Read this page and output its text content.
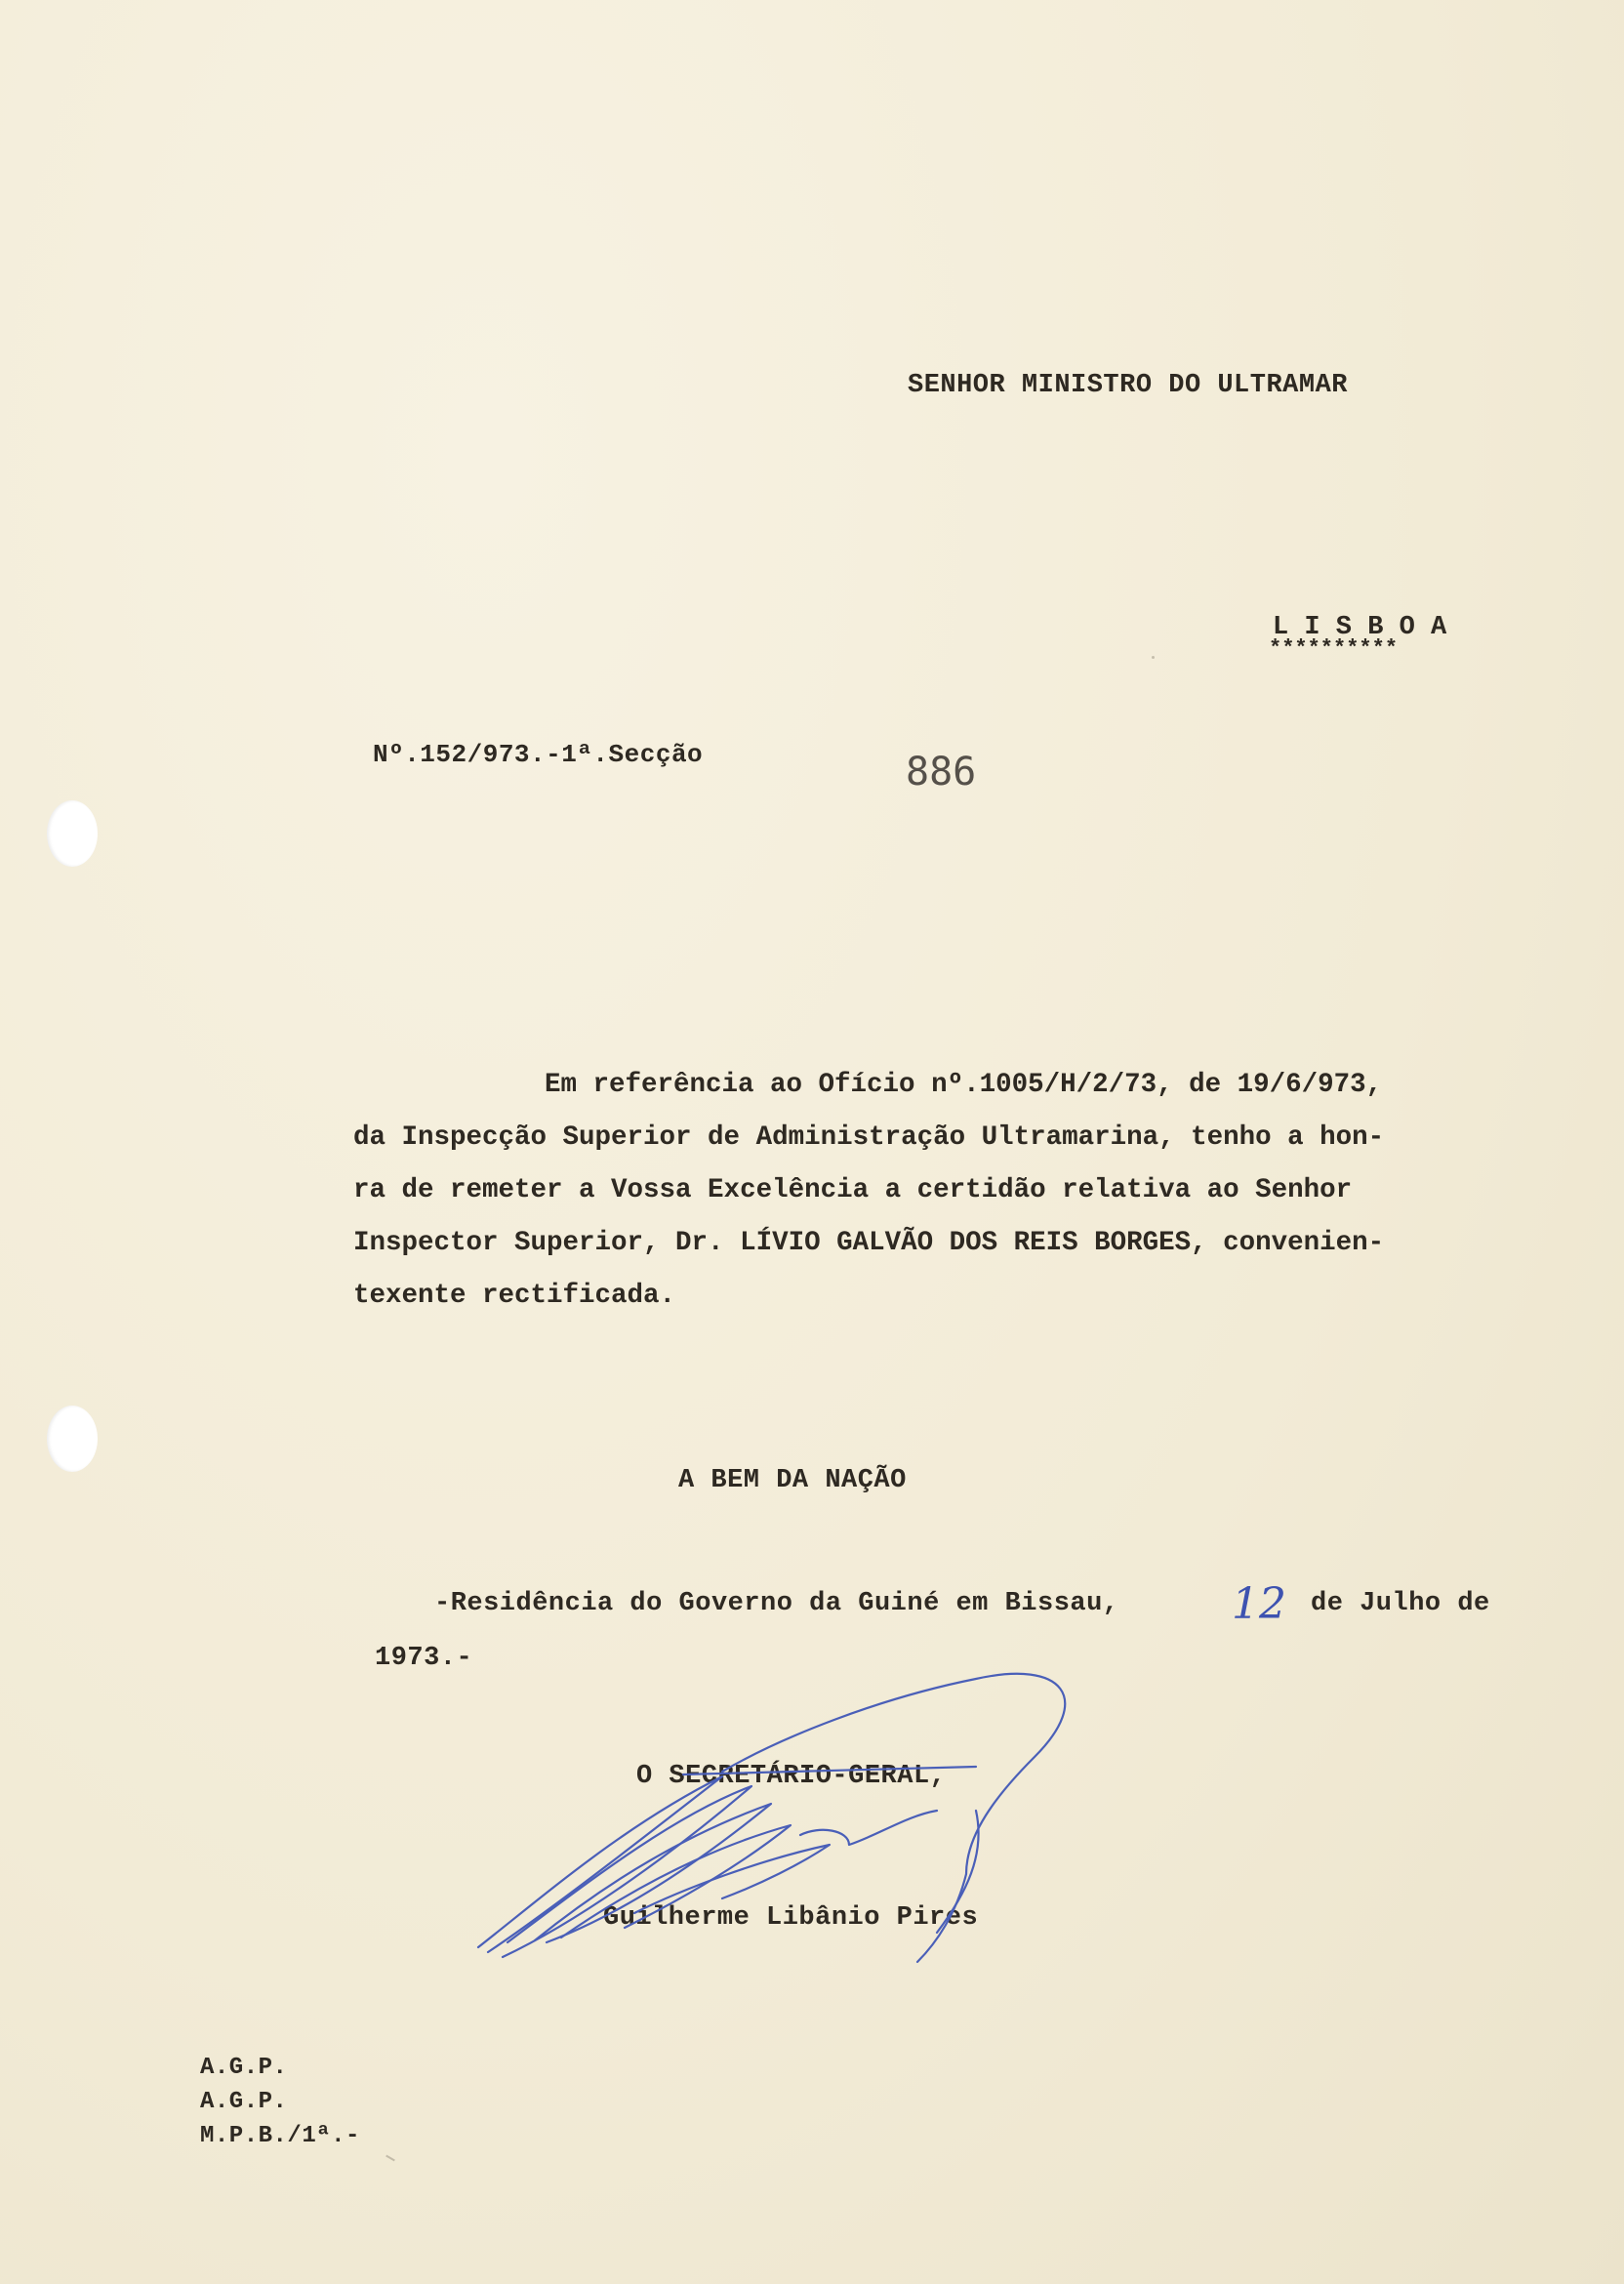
SENHOR MINISTRO DO ULTRAMAR
L I S B O A
**********
Nº.152/973.-1ª.Secção	886
Em referência ao Ofício nº.1005/H/2/73, de 19/6/973,
da Inspecção Superior de Administração Ultramarina, tenho a hon-
ra de remeter a Vossa Excelência a certidão relativa ao Senhor
Inspector Superior, Dr. LÍVIO GALVÃO DOS REIS BORGES, convenien-
texente rectificada.
A BEM DA NAÇÃO
-Residência do Governo da Guiné em Bissau,	12 de Julho de
1973.-
O SECRETÁRIO-GERAL,
Guilherme Libânio Pires
A.G.P.
A.G.P.
M.P.B./1ª.-
